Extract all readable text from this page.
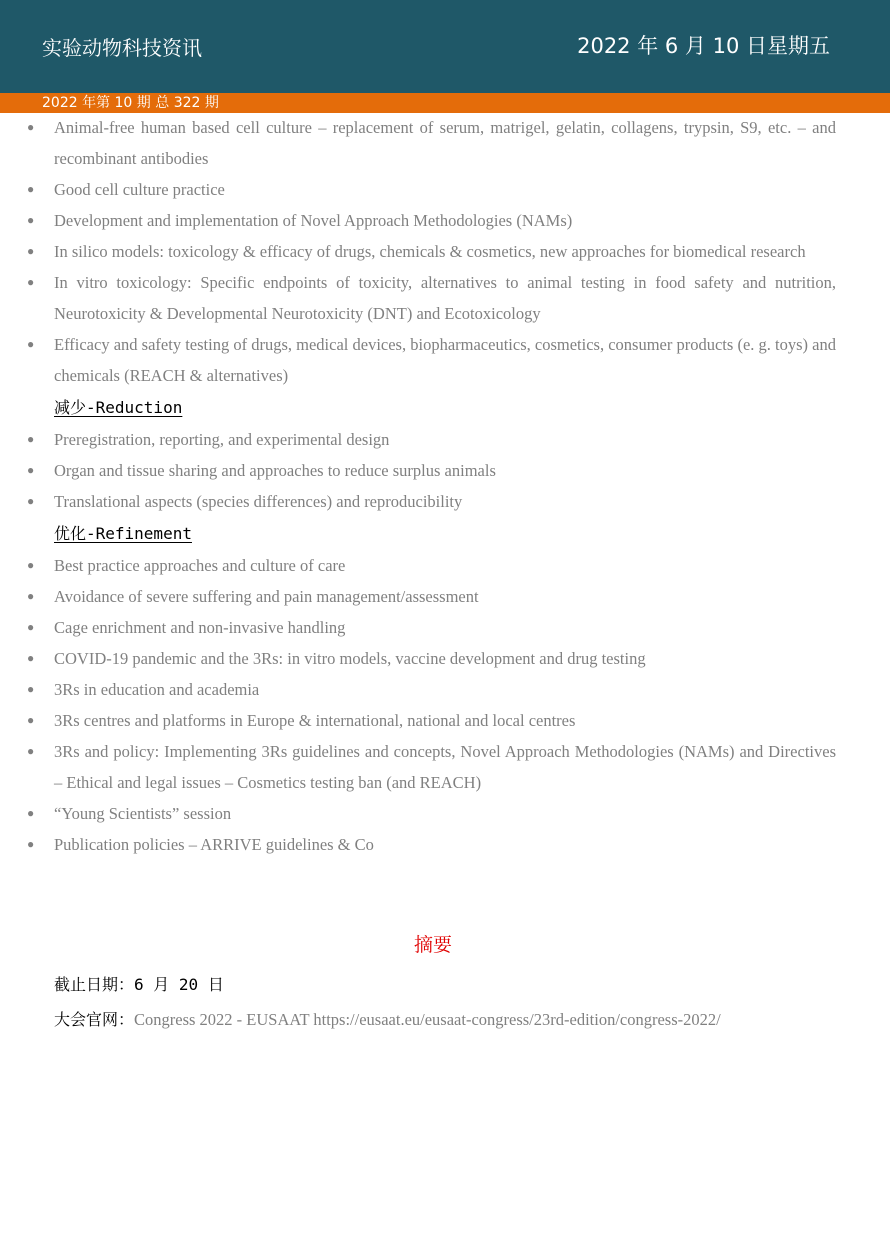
实验动物科技资讯	2022 年 6 月 10 日星期五
2022 年第 10 期 总 322 期
● Animal-free human based cell culture – replacement of serum, matrigel, gelatin, collagens, trypsin, S9, etc. – and recombinant antibodies
● Good cell culture practice
● Development and implementation of Novel Approach Methodologies (NAMs)
● In silico models: toxicology & efficacy of drugs, chemicals & cosmetics, new approaches for biomedical research
● In vitro toxicology: Specific endpoints of toxicity, alternatives to animal testing in food safety and nutrition, Neurotoxicity & Developmental Neurotoxicity (DNT) and Ecotoxicology
● Efficacy and safety testing of drugs, medical devices, biopharmaceutics, cosmetics, consumer products (e. g. toys) and chemicals (REACH & alternatives)
减少-Reduction
● Preregistration, reporting, and experimental design
● Organ and tissue sharing and approaches to reduce surplus animals
● Translational aspects (species differences) and reproducibility
优化-Refinement
● Best practice approaches and culture of care
● Avoidance of severe suffering and pain management/assessment
● Cage enrichment and non-invasive handling
● COVID-19 pandemic and the 3Rs: in vitro models, vaccine development and drug testing
● 3Rs in education and academia
● 3Rs centres and platforms in Europe & international, national and local centres
● 3Rs and policy: Implementing 3Rs guidelines and concepts, Novel Approach Methodologies (NAMs) and Directives – Ethical and legal issues – Cosmetics testing ban (and REACH)
● “Young Scientists” session
● Publication policies – ARRIVE guidelines & Co
摘要
截止日期：6 月 20 日
大会官网：Congress 2022 - EUSAAT https://eusaat.eu/eusaat-congress/23rd-edition/congress-2022/
